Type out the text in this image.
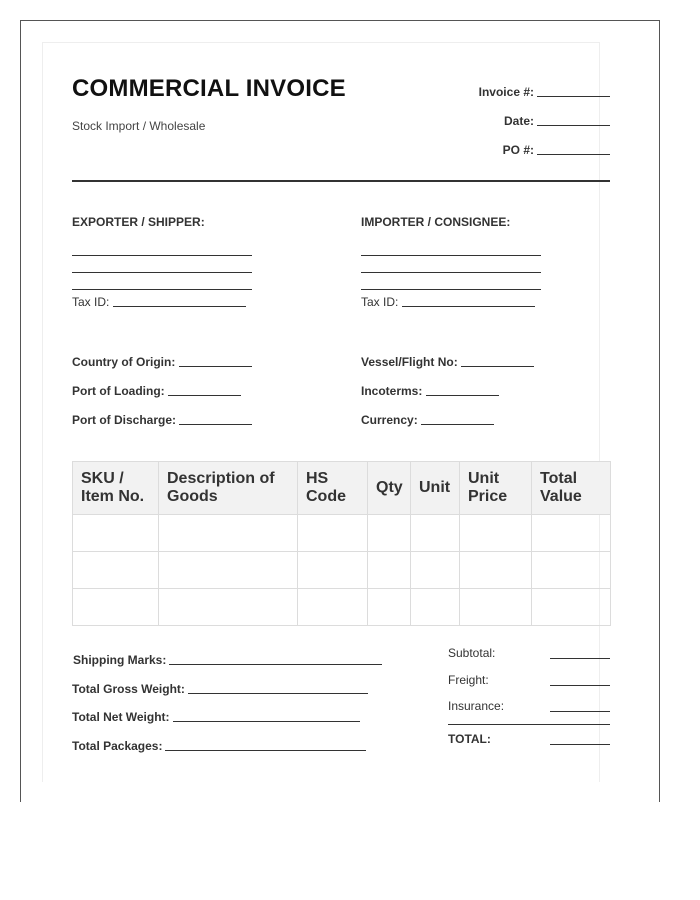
COMMERCIAL INVOICE
Stock Import / Wholesale
Invoice #:
Date:
PO #:
EXPORTER / SHIPPER:
Tax ID:
IMPORTER / CONSIGNEE:
Tax ID:
Country of Origin:
Port of Loading:
Port of Discharge:
Vessel/Flight No:
Incoterms:
Currency:
SKU / Item No.	Description of Goods	HS Code	Qty	Unit	Unit Price	Total Value

Shipping Marks:
Total Gross Weight:
Total Net Weight:
Total Packages:
Subtotal:
Freight:
Insurance:
TOTAL:
